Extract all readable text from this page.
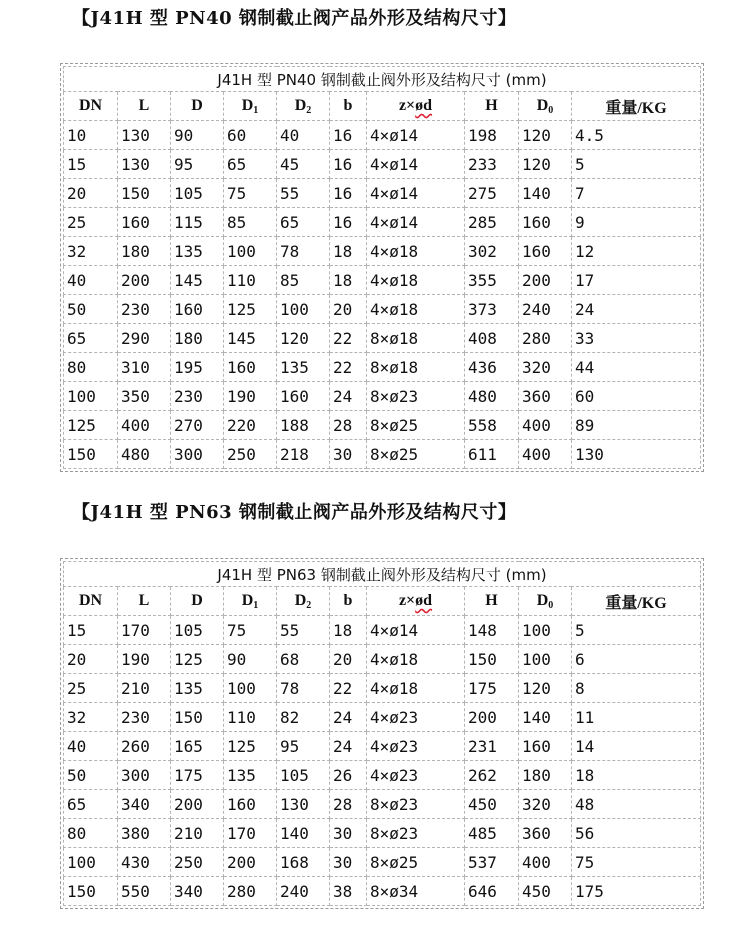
【J41H 型 PN40 钢制截止阀产品外形及结构尺寸】
J41H 型 PN40 钢制截止阀外形及结构尺寸 (mm)									
DN	L	D	$D_1$	$D_2$	b	z×ød	H	$D_0$	重量/KG
10	130	90	60	40	16	4×ø14	198	120	4.5
15	130	95	65	45	16	4×ø14	233	120	5
20	150	105	75	55	16	4×ø14	275	140	7
25	160	115	85	65	16	4×ø14	285	160	9
32	180	135	100	78	18	4×ø18	302	160	12
40	200	145	110	85	18	4×ø18	355	200	17
50	230	160	125	100	20	4×ø18	373	240	24
65	290	180	145	120	22	8×ø18	408	280	33
80	310	195	160	135	22	8×ø18	436	320	44
100	350	230	190	160	24	8×ø23	480	360	60
125	400	270	220	188	28	8×ø25	558	400	89
150	480	300	250	218	30	8×ø25	611	400	130
【J41H 型 PN63 钢制截止阀产品外形及结构尺寸】
J41H 型 PN63 钢制截止阀外形及结构尺寸 (mm)									
DN	L	D	$D_1$	$D_2$	b	z×ød	H	$D_0$	重量/KG
15	170	105	75	55	18	4×ø14	148	100	5
20	190	125	90	68	20	4×ø18	150	100	6
25	210	135	100	78	22	4×ø18	175	120	8
32	230	150	110	82	24	4×ø23	200	140	11
40	260	165	125	95	24	4×ø23	231	160	14
50	300	175	135	105	26	4×ø23	262	180	18
65	340	200	160	130	28	8×ø23	450	320	48
80	380	210	170	140	30	8×ø23	485	360	56
100	430	250	200	168	30	8×ø25	537	400	75
150	550	340	280	240	38	8×ø34	646	450	175
